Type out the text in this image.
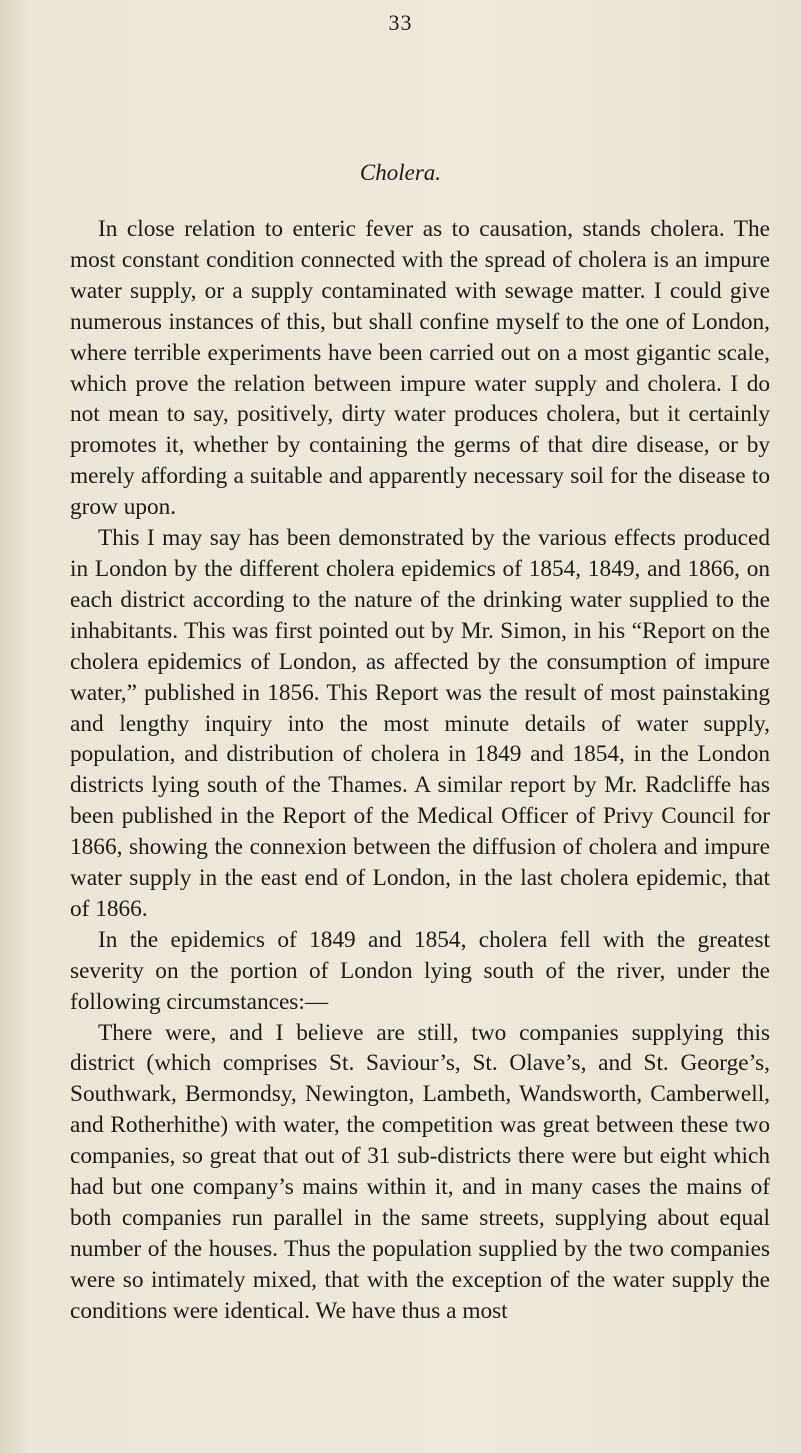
33
Cholera.

In close relation to enteric fever as to causation, stands cholera. The most constant condition connected with the spread of cholera is an impure water supply, or a supply contaminated with sewage matter. I could give numerous instances of this, but shall confine myself to the one of London, where terrible experiments have been carried out on a most gigantic scale, which prove the relation between impure water supply and cholera. I do not mean to say, positively, dirty water produces cholera, but it certainly promotes it, whether by containing the germs of that dire disease, or by merely affording a suitable and apparently necessary soil for the disease to grow upon.

This I may say has been demonstrated by the various effects produced in London by the different cholera epidemics of 1854, 1849, and 1866, on each district according to the nature of the drinking water supplied to the inhabitants. This was first pointed out by Mr. Simon, in his “Report on the cholera epidemics of London, as affected by the consumption of impure water,” published in 1856. This Report was the result of most painstaking and lengthy inquiry into the most minute details of water supply, population, and distribution of cholera in 1849 and 1854, in the London districts lying south of the Thames. A similar report by Mr. Radcliffe has been published in the Report of the Medical Officer of Privy Council for 1866, showing the connexion between the diffusion of cholera and impure water supply in the east end of London, in the last cholera epidemic, that of 1866.

In the epidemics of 1849 and 1854, cholera fell with the greatest severity on the portion of London lying south of the river, under the following circumstances:—

There were, and I believe are still, two companies supplying this district (which comprises St. Saviour’s, St. Olave’s, and St. George’s, Southwark, Bermondsy, Newington, Lambeth, Wandsworth, Camberwell, and Rotherhithe) with water, the competition was great between these two companies, so great that out of 31 sub-districts there were but eight which had but one company’s mains within it, and in many cases the mains of both companies run parallel in the same streets, supplying about equal number of the houses. Thus the population supplied by the two companies were so intimately mixed, that with the exception of the water supply the conditions were identical. We have thus a most
